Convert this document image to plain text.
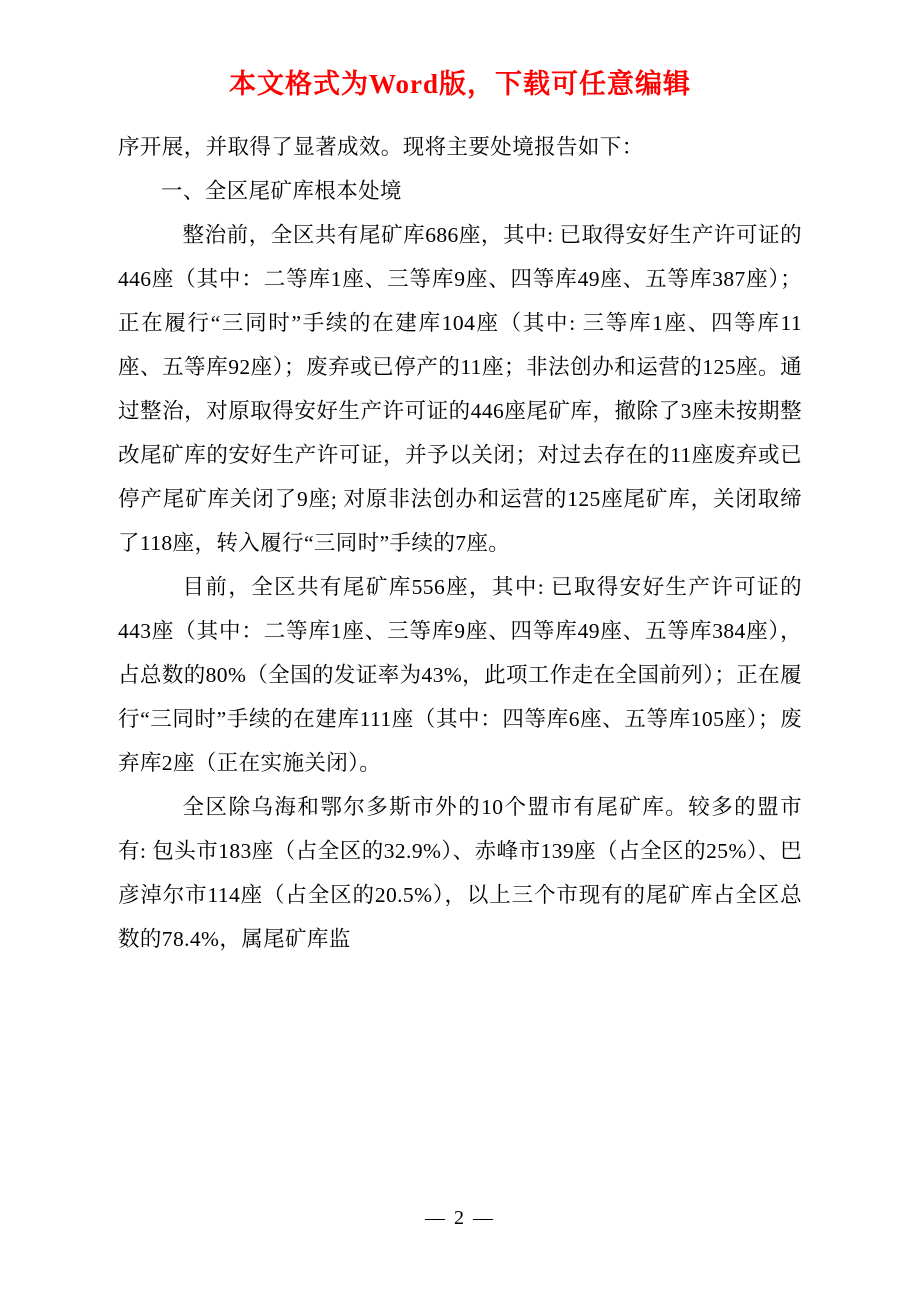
本文格式为Word版，下载可任意编辑

序开展，并取得了显著成效。现将主要处境报告如下：

一、全区尾矿库根本处境

整治前，全区共有尾矿库686座，其中: 已取得安好生产许可证的446座（其中：二等库1座、三等库9座、四等库49座、五等库387座）；正在履行“三同时”手续的在建库104座（其中: 三等库1座、四等库11座、五等库92座）；废弃或已停产的11座；非法创办和运营的125座。通过整治，对原取得安好生产许可证的446座尾矿库，撤除了3座未按期整改尾矿库的安好生产许可证，并予以关闭；对过去存在的11座废弃或已停产尾矿库关闭了9座; 对原非法创办和运营的125座尾矿库，关闭取缔了118座，转入履行“三同时”手续的7座。

目前，全区共有尾矿库556座，其中: 已取得安好生产许可证的443座（其中：二等库1座、三等库9座、四等库49座、五等库384座），占总数的80%（全国的发证率为43%，此项工作走在全国前列）；正在履行“三同时”手续的在建库111座（其中：四等库6座、五等库105座）；废弃库2座（正在实施关闭）。

全区除乌海和鄂尔多斯市外的10个盟市有尾矿库。较多的盟市有: 包头市183座（占全区的32.9%）、赤峰市139座（占全区的25%）、巴彦淖尔市114座（占全区的20.5%），以上三个市现有的尾矿库占全区总数的78.4%，属尾矿库监

— 2 —
